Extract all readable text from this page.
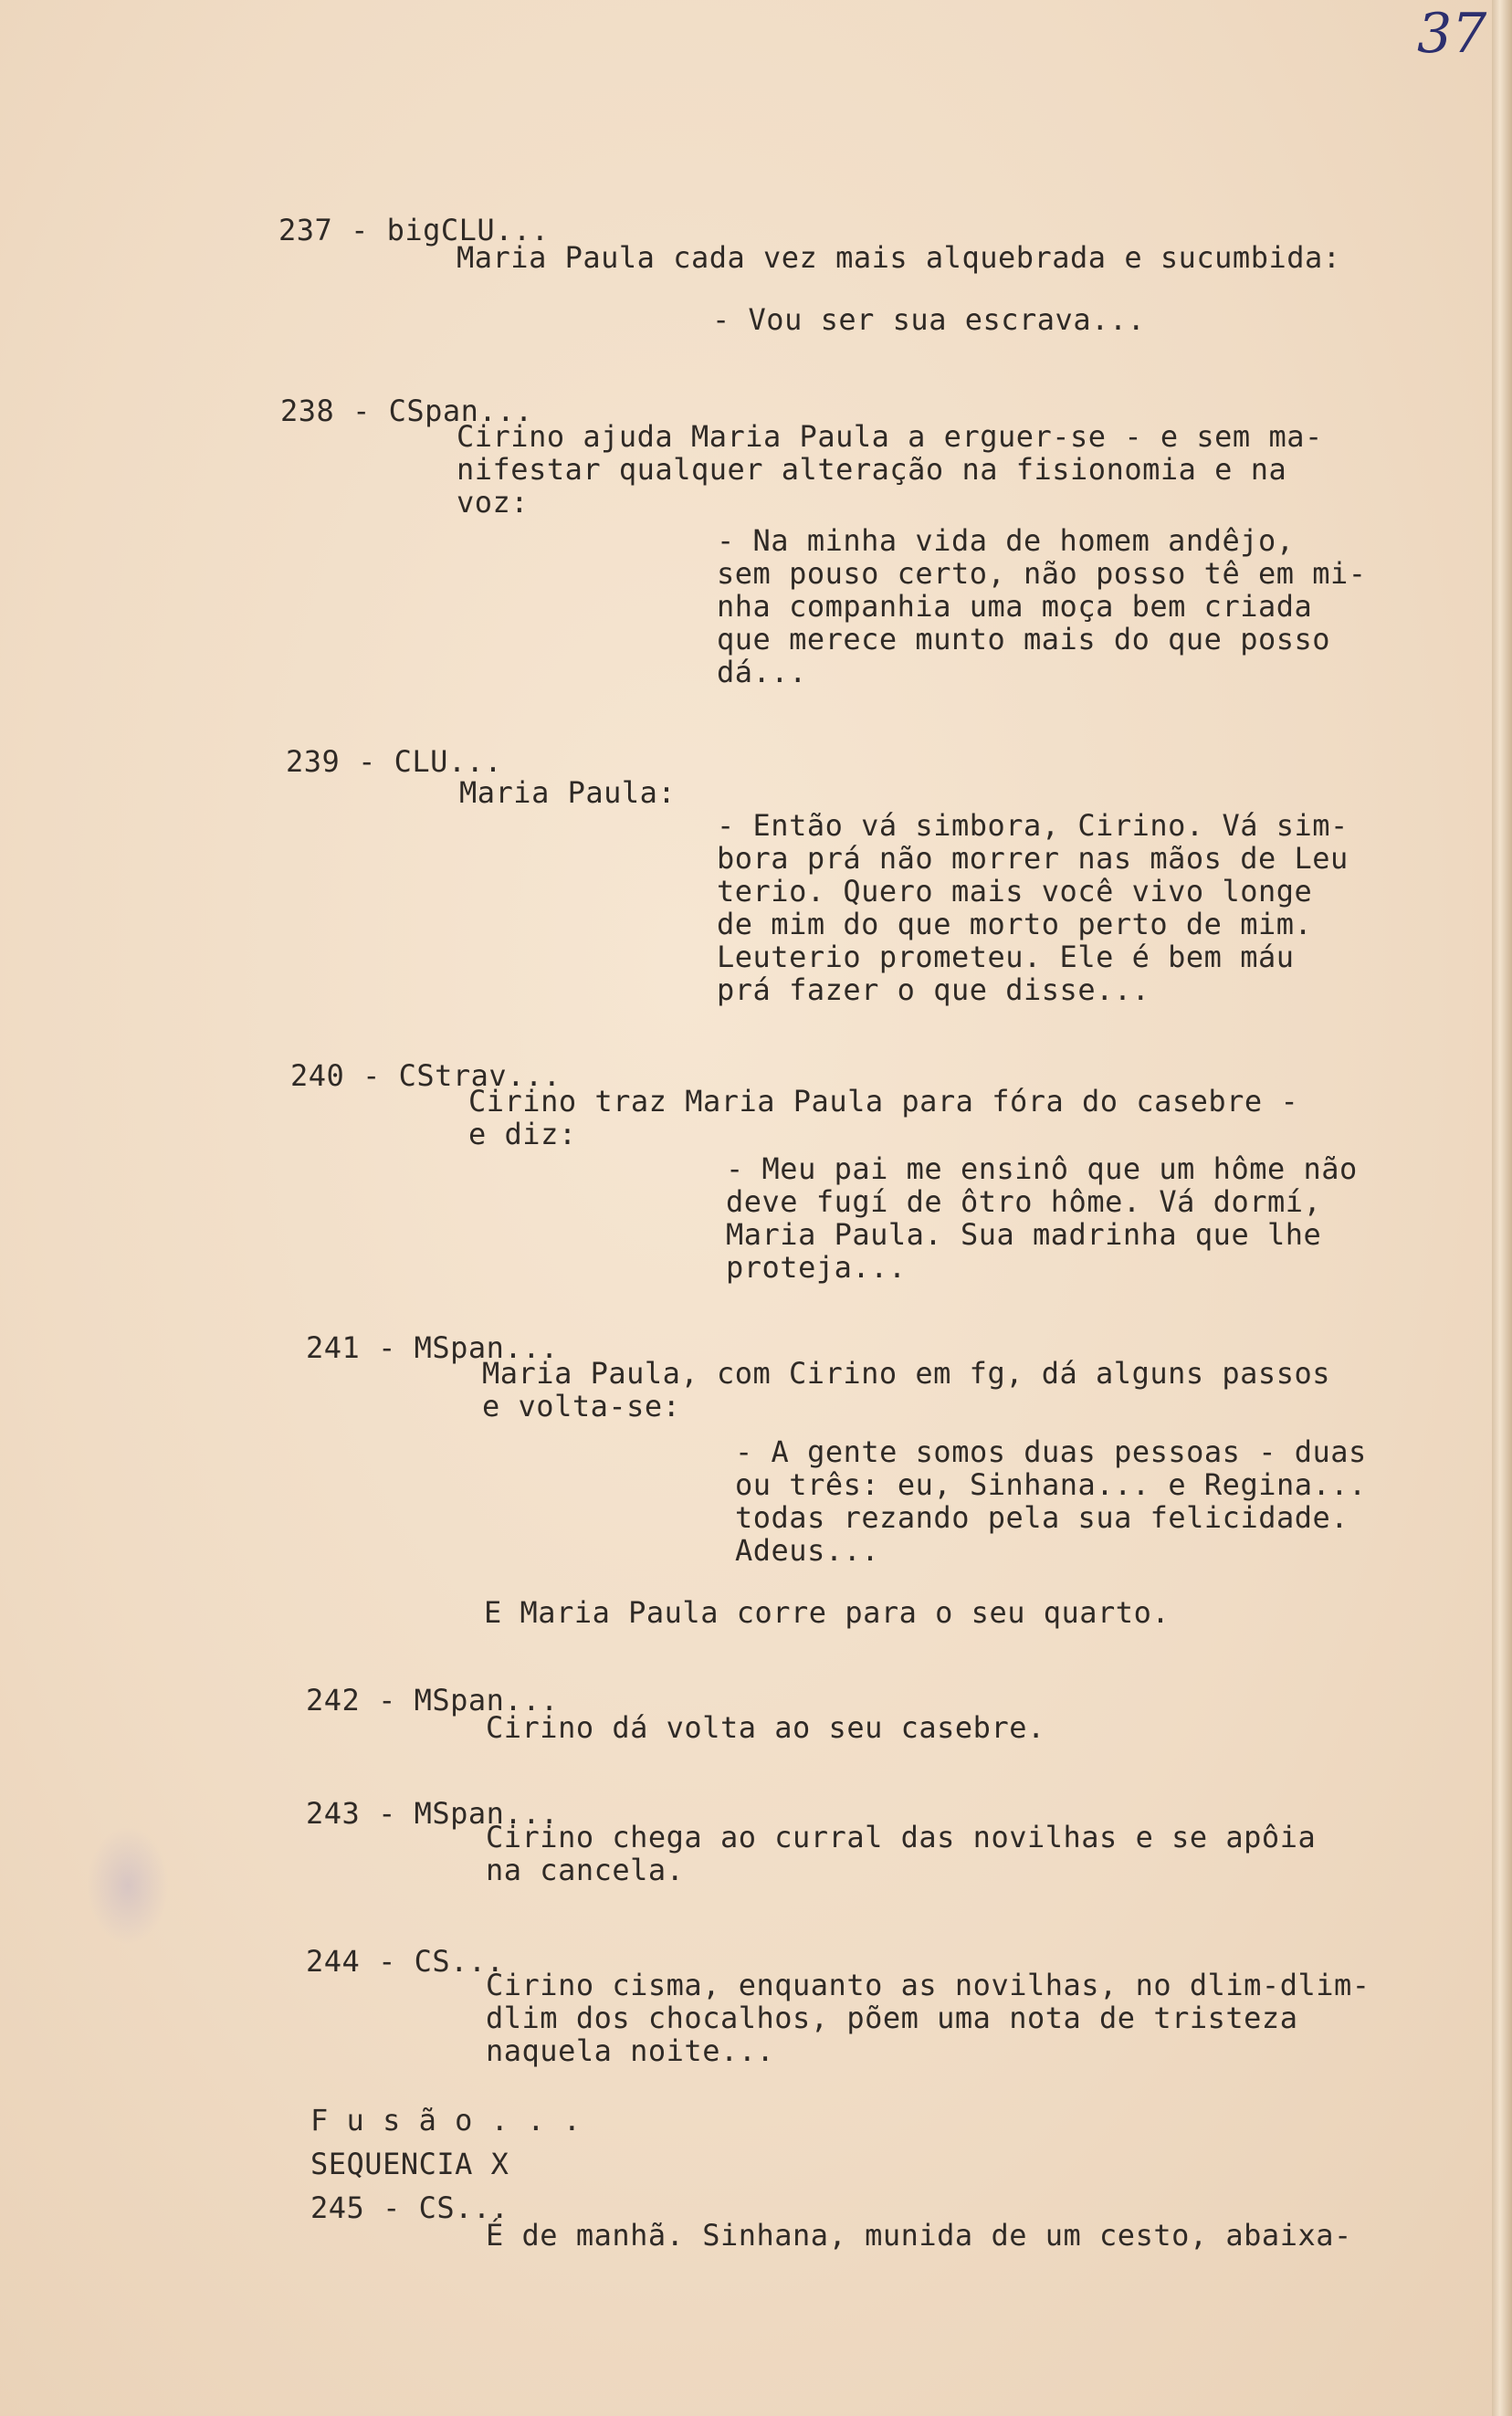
37
237 - bigCLU...
Maria Paula cada vez mais alquebrada e sucumbida:
- Vou ser sua escrava...
238 - CSpan...
Cirino ajuda Maria Paula a erguer-se - e sem ma-
nifestar qualquer alteração na fisionomia e na
voz:
- Na minha vida de homem andêjo,
sem pouso certo, não posso tê em mi-
nha companhia uma moça bem criada
que merece munto mais do que posso
dá...
239 - CLU...
Maria Paula:
- Então vá simbora, Cirino. Vá sim-
bora prá não morrer nas mãos de Leu
terio. Quero mais você vivo longe
de mim do que morto perto de mim.
Leuterio prometeu. Ele é bem máu
prá fazer o que disse...
240 - CStrav...
Cirino traz Maria Paula para fóra do casebre -
e diz:
- Meu pai me ensinô que um hôme não
deve fugí de ôtro hôme. Vá dormí,
Maria Paula. Sua madrinha que lhe
proteja...
241 - MSpan...
Maria Paula, com Cirino em fg, dá alguns passos
e volta-se:
- A gente somos duas pessoas - duas
ou três: eu, Sinhana... e Regina...
todas rezando pela sua felicidade.
Adeus...
E Maria Paula corre para o seu quarto.
242 - MSpan...
Cirino dá volta ao seu casebre.
243 - MSpan...
Cirino chega ao curral das novilhas e se apôia
na cancela.
244 - CS...
Cirino cisma, enquanto as novilhas, no dlim-dlim-
dlim dos chocalhos, põem uma nota de tristeza
naquela noite...
F u s ã o . . .
SEQUENCIA X
245 - CS...
É de manhã. Sinhana, munida de um cesto, abaixa-
